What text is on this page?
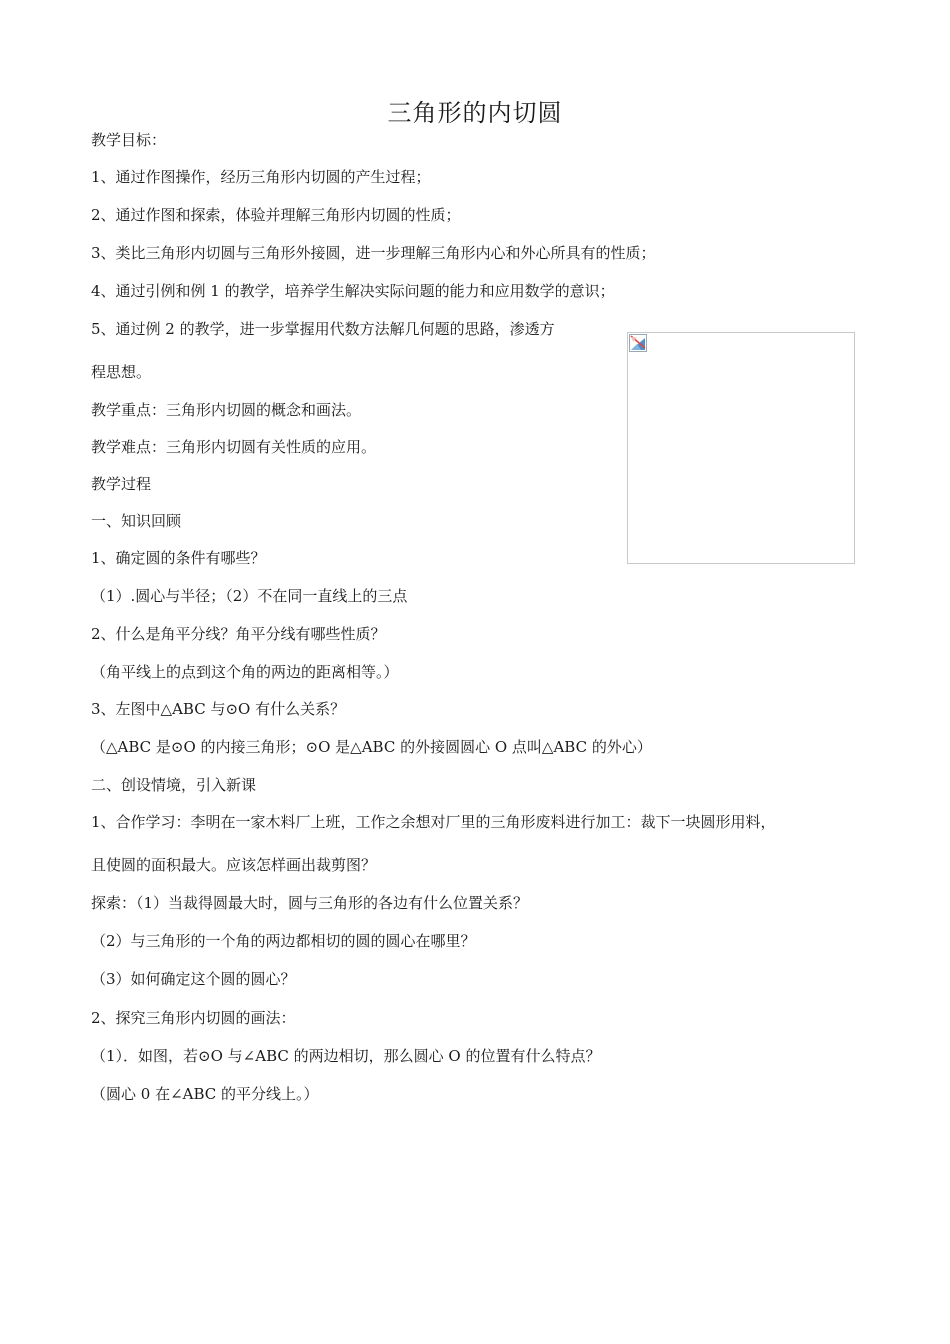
三角形的内切圆
教学目标：
1、通过作图操作，经历三角形内切圆的产生过程；
2、通过作图和探索，体验并理解三角形内切圆的性质；
3、类比三角形内切圆与三角形外接圆，进一步理解三角形内心和外心所具有的性质；
4、通过引例和例 1 的教学，培养学生解决实际问题的能力和应用数学的意识；
5、通过例 2 的教学，进一步掌握用代数方法解几何题的思路，渗透方
程思想。
教学重点：三角形内切圆的概念和画法。
教学难点：三角形内切圆有关性质的应用。
教学过程
一、知识回顾
1、确定圆的条件有哪些？
（1）.圆心与半径；（2）不在同一直线上的三点
2、什么是角平分线？角平分线有哪些性质？
（角平线上的点到这个角的两边的距离相等。）
3、左图中△ABC 与⊙O 有什么关系？
（△ABC 是⊙O 的内接三角形；⊙O 是△ABC 的外接圆圆心 O 点叫△ABC 的外心）
二、创设情境，引入新课
1、合作学习：李明在一家木料厂上班，工作之余想对厂里的三角形废料进行加工：裁下一块圆形用料，
且使圆的面积最大。应该怎样画出裁剪图？
探索：（1）当裁得圆最大时，圆与三角形的各边有什么位置关系？
（2）与三角形的一个角的两边都相切的圆的圆心在哪里？
（3）如何确定这个圆的圆心？
2、探究三角形内切圆的画法：
（1）．如图，若⊙O 与∠ABC 的两边相切，那么圆心 O 的位置有什么特点？
（圆心 0 在∠ABC 的平分线上。）
